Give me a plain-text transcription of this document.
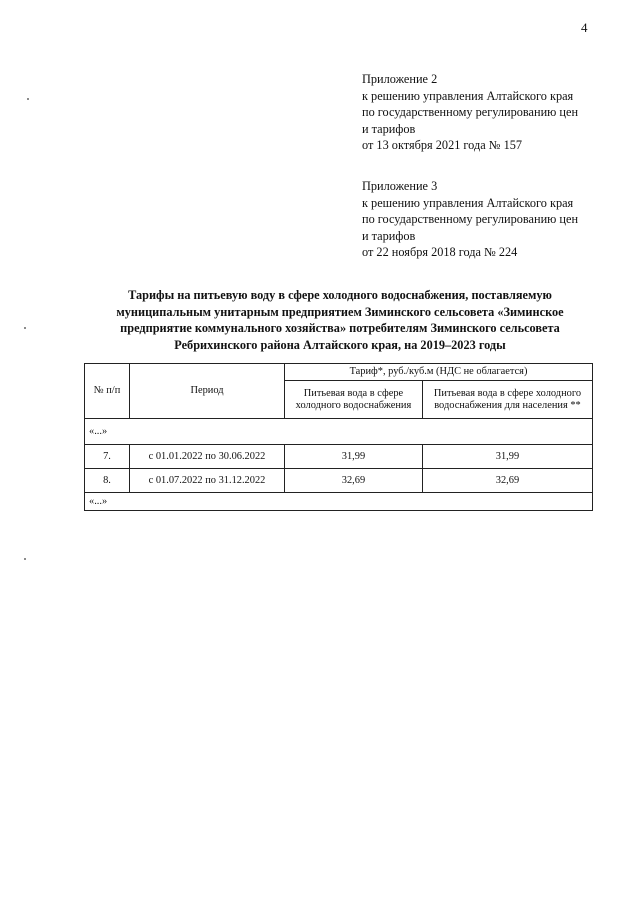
4
Приложение 2
к решению управления Алтайского края
по государственному регулированию цен
и тарифов
от 13 октября 2021 года № 157
Приложение 3
к решению управления Алтайского края
по государственному регулированию цен
и тарифов
от 22 ноября 2018 года № 224
Тарифы на питьевую воду в сфере холодного водоснабжения, поставляемую
муниципальным унитарным предприятием Зиминского сельсовета «Зиминское
предприятие коммунального хозяйства» потребителям Зиминского сельсовета
Ребрихинского района Алтайского края, на 2019–2023 годы
№ п/п	Период	Тариф*, руб./куб.м (НДС не облагается)	
		Питьевая вода в сфере холодного водоснабжения	Питьевая вода в сфере холодного водоснабжения для населения **
«...»			
7.	с 01.01.2022 по 30.06.2022	31,99	31,99
8.	с 01.07.2022 по 31.12.2022	32,69	32,69
«...»			
